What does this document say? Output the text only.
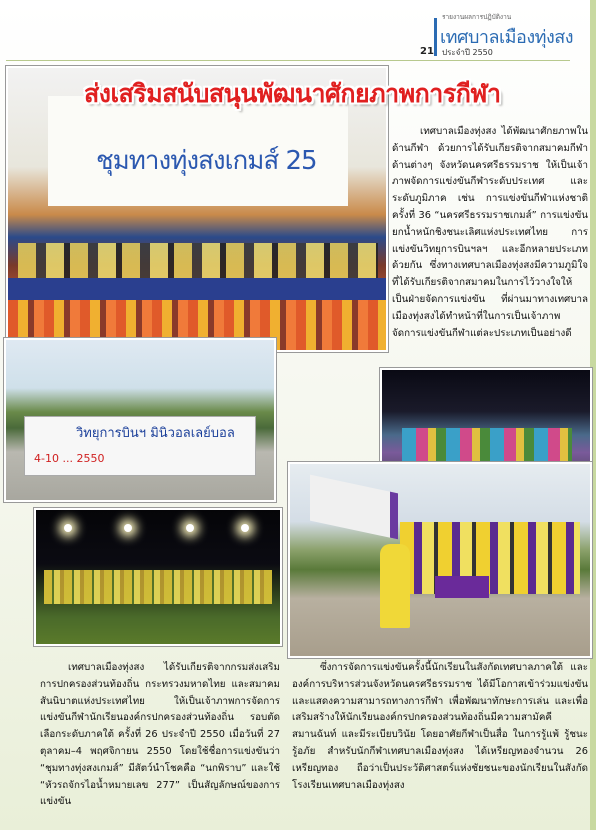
21
รายงานผลการปฏิบัติงาน
เทศบาลเมืองทุ่งสง
ประจำปี 2550
ชุมทางทุ่งสงเกมส์ 25
ส่งเสริมสนับสนุนพัฒนาศักยภาพการกีฬา
เทศบาลเมืองทุ่งสง ได้พัฒนาศักยภาพในด้านกีฬา ด้วยการได้รับเกียรติจากสมาคมกีฬาด้านต่างๆ จังหวัดนครศรีธรรมราช ให้เป็นเจ้าภาพจัดการแข่งขันกีฬาระดับประเทศ และระดับภูมิภาค เช่น การแข่งขันกีฬาแห่งชาติ ครั้งที่ 36 “นครศรีธรรมราชเกมส์” การแข่งขันยกน้ำหนักชิงชนะเลิศแห่งประเทศไทย การแข่งขันวิทยุการบินฯลฯ และอีกหลายประเภทด้วยกัน ซึ่งทางเทศบาลเมืองทุ่งสงมีความภูมิใจ ที่ได้รับเกียรติจากสมาคมในการไว้วางใจให้เป็นฝ่ายจัดการแข่งขัน ที่ผ่านมาทางเทศบาลเมืองทุ่งสงได้ทำหน้าที่ในการเป็นเจ้าภาพจัดการแข่งขันกีฬาแต่ละประเภทเป็นอย่างดี
วิทยุการบินฯ มินิวอลเลย์บอล
4-10 ... 2550
เทศบาลเมืองทุ่งสง ได้รับเกียรติจากกรมส่งเสริมการปกครองส่วนท้องถิ่น กระทรวงมหาดไทย และสมาคมสันนิบาตแห่งประเทศไทย ให้เป็นเจ้าภาพการจัดการแข่งขันกีฬานักเรียนองค์กรปกครองส่วนท้องถิ่น รอบตัดเลือกระดับภาคใต้ ครั้งที่ 26 ประจำปี 2550 เมื่อวันที่ 27 ตุลาคม–4 พฤศจิกายน 2550 โดยใช้ชื่อการแข่งขันว่า “ชุมทางทุ่งสงเกมส์” มีสัตว์นำโชคคือ “นกพิราบ” และใช้ “หัวรถจักรไอน้ำหมายเลข 277” เป็นสัญลักษณ์ของการแข่งขัน
ซึ่งการจัดการแข่งขันครั้งนี้นักเรียนในสังกัดเทศบาลภาคใต้ และองค์การบริหารส่วนจังหวัดนครศรีธรรมราช ได้มีโอกาสเข้าร่วมแข่งขัน และแสดงความสามารถทางการกีฬา เพื่อพัฒนาทักษะการเล่น และเพื่อเสริมสร้างให้นักเรียนองค์กรปกครองส่วนท้องถิ่นมีความสามัคคี สมานฉันท์ และมีระเบียบวินัย โดยอาศัยกีฬาเป็นสื่อ ในการรู้แพ้ รู้ชนะ รู้อภัย สำหรับนักกีฬาเทศบาลเมืองทุ่งสง ได้เหรียญทองจำนวน 26 เหรียญทอง ถือว่าเป็นประวัติศาสตร์แห่งชัยชนะของนักเรียนในสังกัดโรงเรียนเทศบาลเมืองทุ่งสง
